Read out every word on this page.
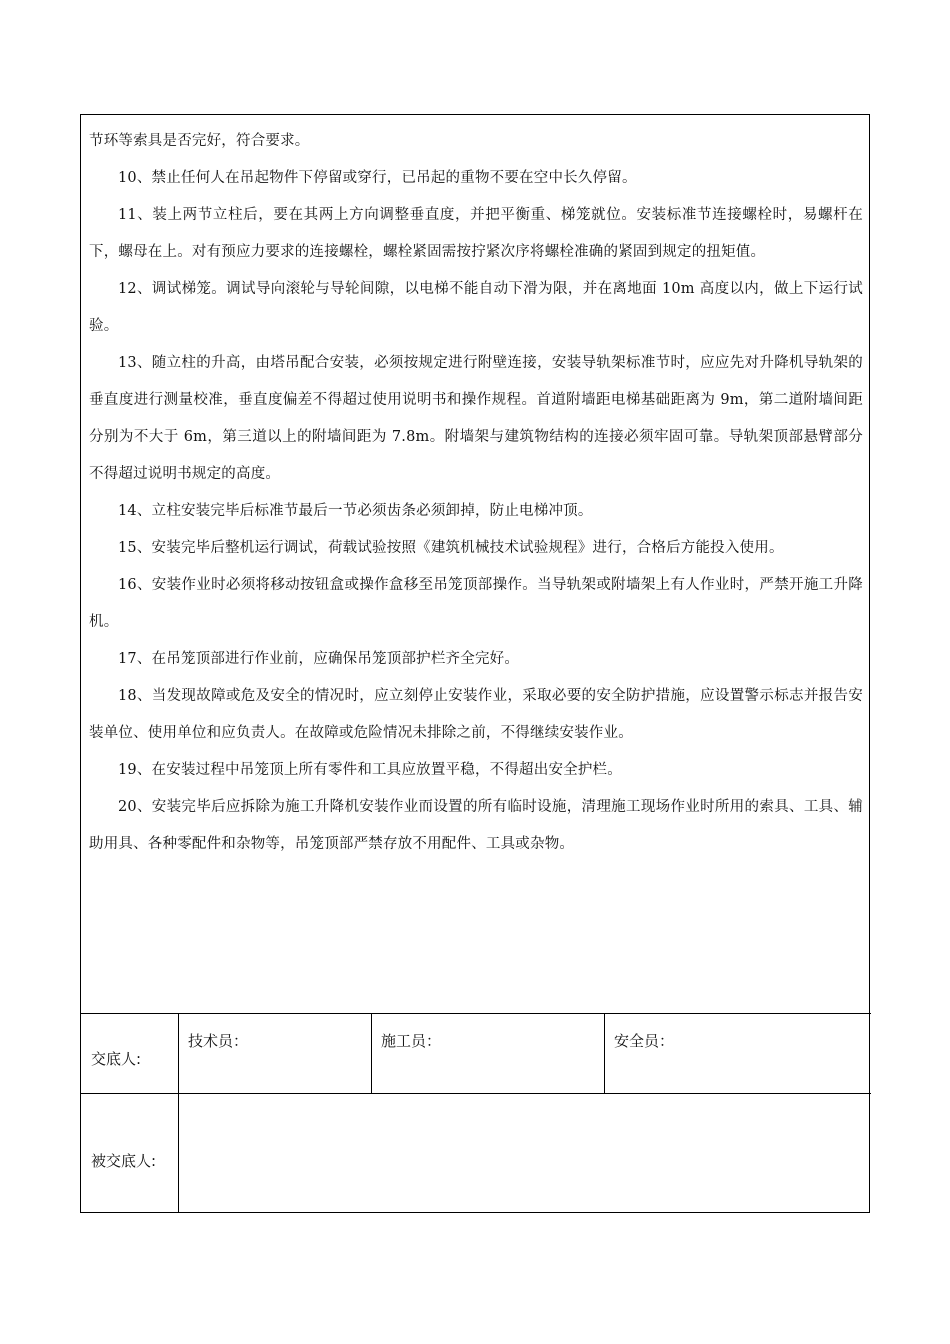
节环等索具是否完好，符合要求。

10、禁止任何人在吊起物件下停留或穿行，已吊起的重物不要在空中长久停留。

11、装上两节立柱后，要在其两上方向调整垂直度，并把平衡重、梯笼就位。安装标准节连接螺栓时，易螺杆在下，螺母在上。对有预应力要求的连接螺栓，螺栓紧固需按拧紧次序将螺栓准确的紧固到规定的扭矩值。

12、调试梯笼。调试导向滚轮与导轮间隙，以电梯不能自动下滑为限，并在离地面 10m 高度以内，做上下运行试验。

13、随立柱的升高，由塔吊配合安装，必须按规定进行附壁连接，安装导轨架标准节时，应应先对升降机导轨架的垂直度进行测量校准，垂直度偏差不得超过使用说明书和操作规程。首道附墙距电梯基础距离为 9m，第二道附墙间距分别为不大于 6m，第三道以上的附墙间距为 7.8m。附墙架与建筑物结构的连接必须牢固可靠。导轨架顶部悬臂部分不得超过说明书规定的高度。

14、立柱安装完毕后标准节最后一节必须齿条必须卸掉，防止电梯冲顶。

15、安装完毕后整机运行调试，荷载试验按照《建筑机械技术试验规程》进行，合格后方能投入使用。

16、安装作业时必须将移动按钮盒或操作盒移至吊笼顶部操作。当导轨架或附墙架上有人作业时，严禁开施工升降机。

17、在吊笼顶部进行作业前，应确保吊笼顶部护栏齐全完好。

18、当发现故障或危及安全的情况时，应立刻停止安装作业，采取必要的安全防护措施，应设置警示标志并报告安装单位、使用单位和应负责人。在故障或危险情况未排除之前，不得继续安装作业。

19、在安装过程中吊笼顶上所有零件和工具应放置平稳，不得超出安全护栏。

20、安装完毕后应拆除为施工升降机安装作业而设置的所有临时设施，清理施工现场作业时所用的索具、工具、辅助用具、各种零配件和杂物等，吊笼顶部严禁存放不用配件、工具或杂物。

交底人:
技术员：	施工员：	安全员：
被交底人:
